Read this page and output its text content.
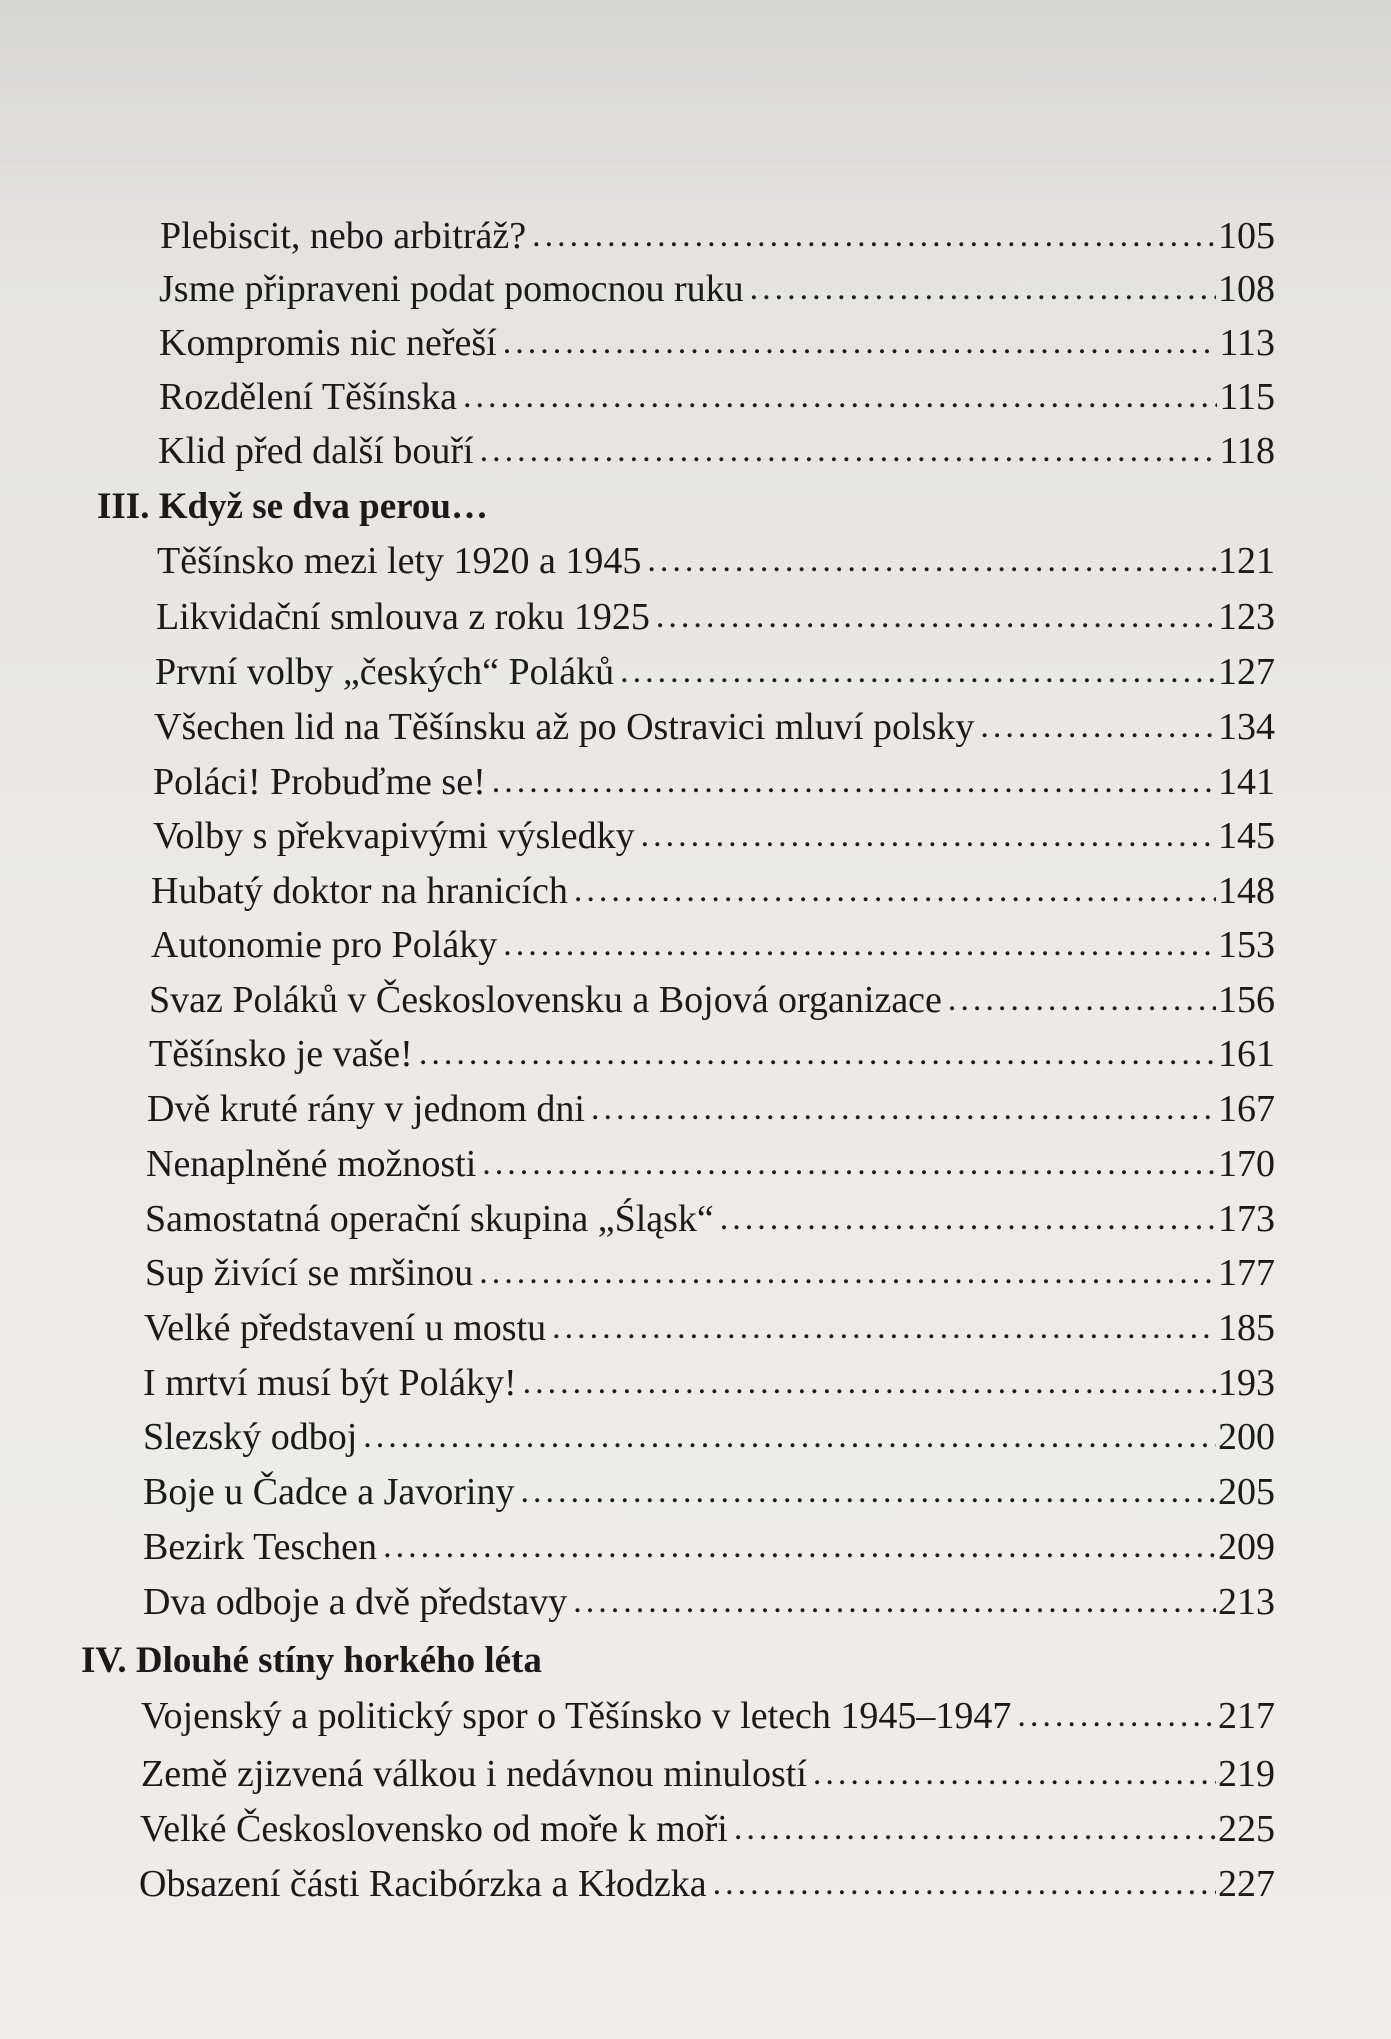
Plebiscit, nebo arbitráž? .....	105
Jsme připraveni podat pomocnou ruku .....	108
Kompromis nic neřeší .....	113
Rozdělení Těšínska .....	115
Klid před další bouří .....	118
III. Když se dva perou…
Těšínsko mezi lety 1920 a 1945 .....	121
Likvidační smlouva z roku 1925 .....	123
První volby „českých“ Poláků .....	127
Všechen lid na Těšínsku až po Ostravici mluví polsky .....	134
Poláci! Probuďme se! .....	141
Volby s překvapivými výsledky .....	145
Hubatý doktor na hranicích .....	148
Autonomie pro Poláky .....	153
Svaz Poláků v Československu a Bojová organizace .....	156
Těšínsko je vaše! .....	161
Dvě kruté rány v jednom dni .....	167
Nenaplněné možnosti .....	170
Samostatná operační skupina „Śląsk“ .....	173
Sup živící se mršinou .....	177
Velké představení u mostu .....	185
I mrtví musí být Poláky! .....	193
Slezský odboj .....	200
Boje u Čadce a Javoriny .....	205
Bezirk Teschen .....	209
Dva odboje a dvě představy .....	213
IV. Dlouhé stíny horkého léta
Vojenský a politický spor o Těšínsko v letech 1945–1947 .....	217
Země zjizvená válkou i nedávnou minulostí .....	219
Velké Československo od moře k moři .....	225
Obsazení části Racibórzka a Kłodzka .....	227
